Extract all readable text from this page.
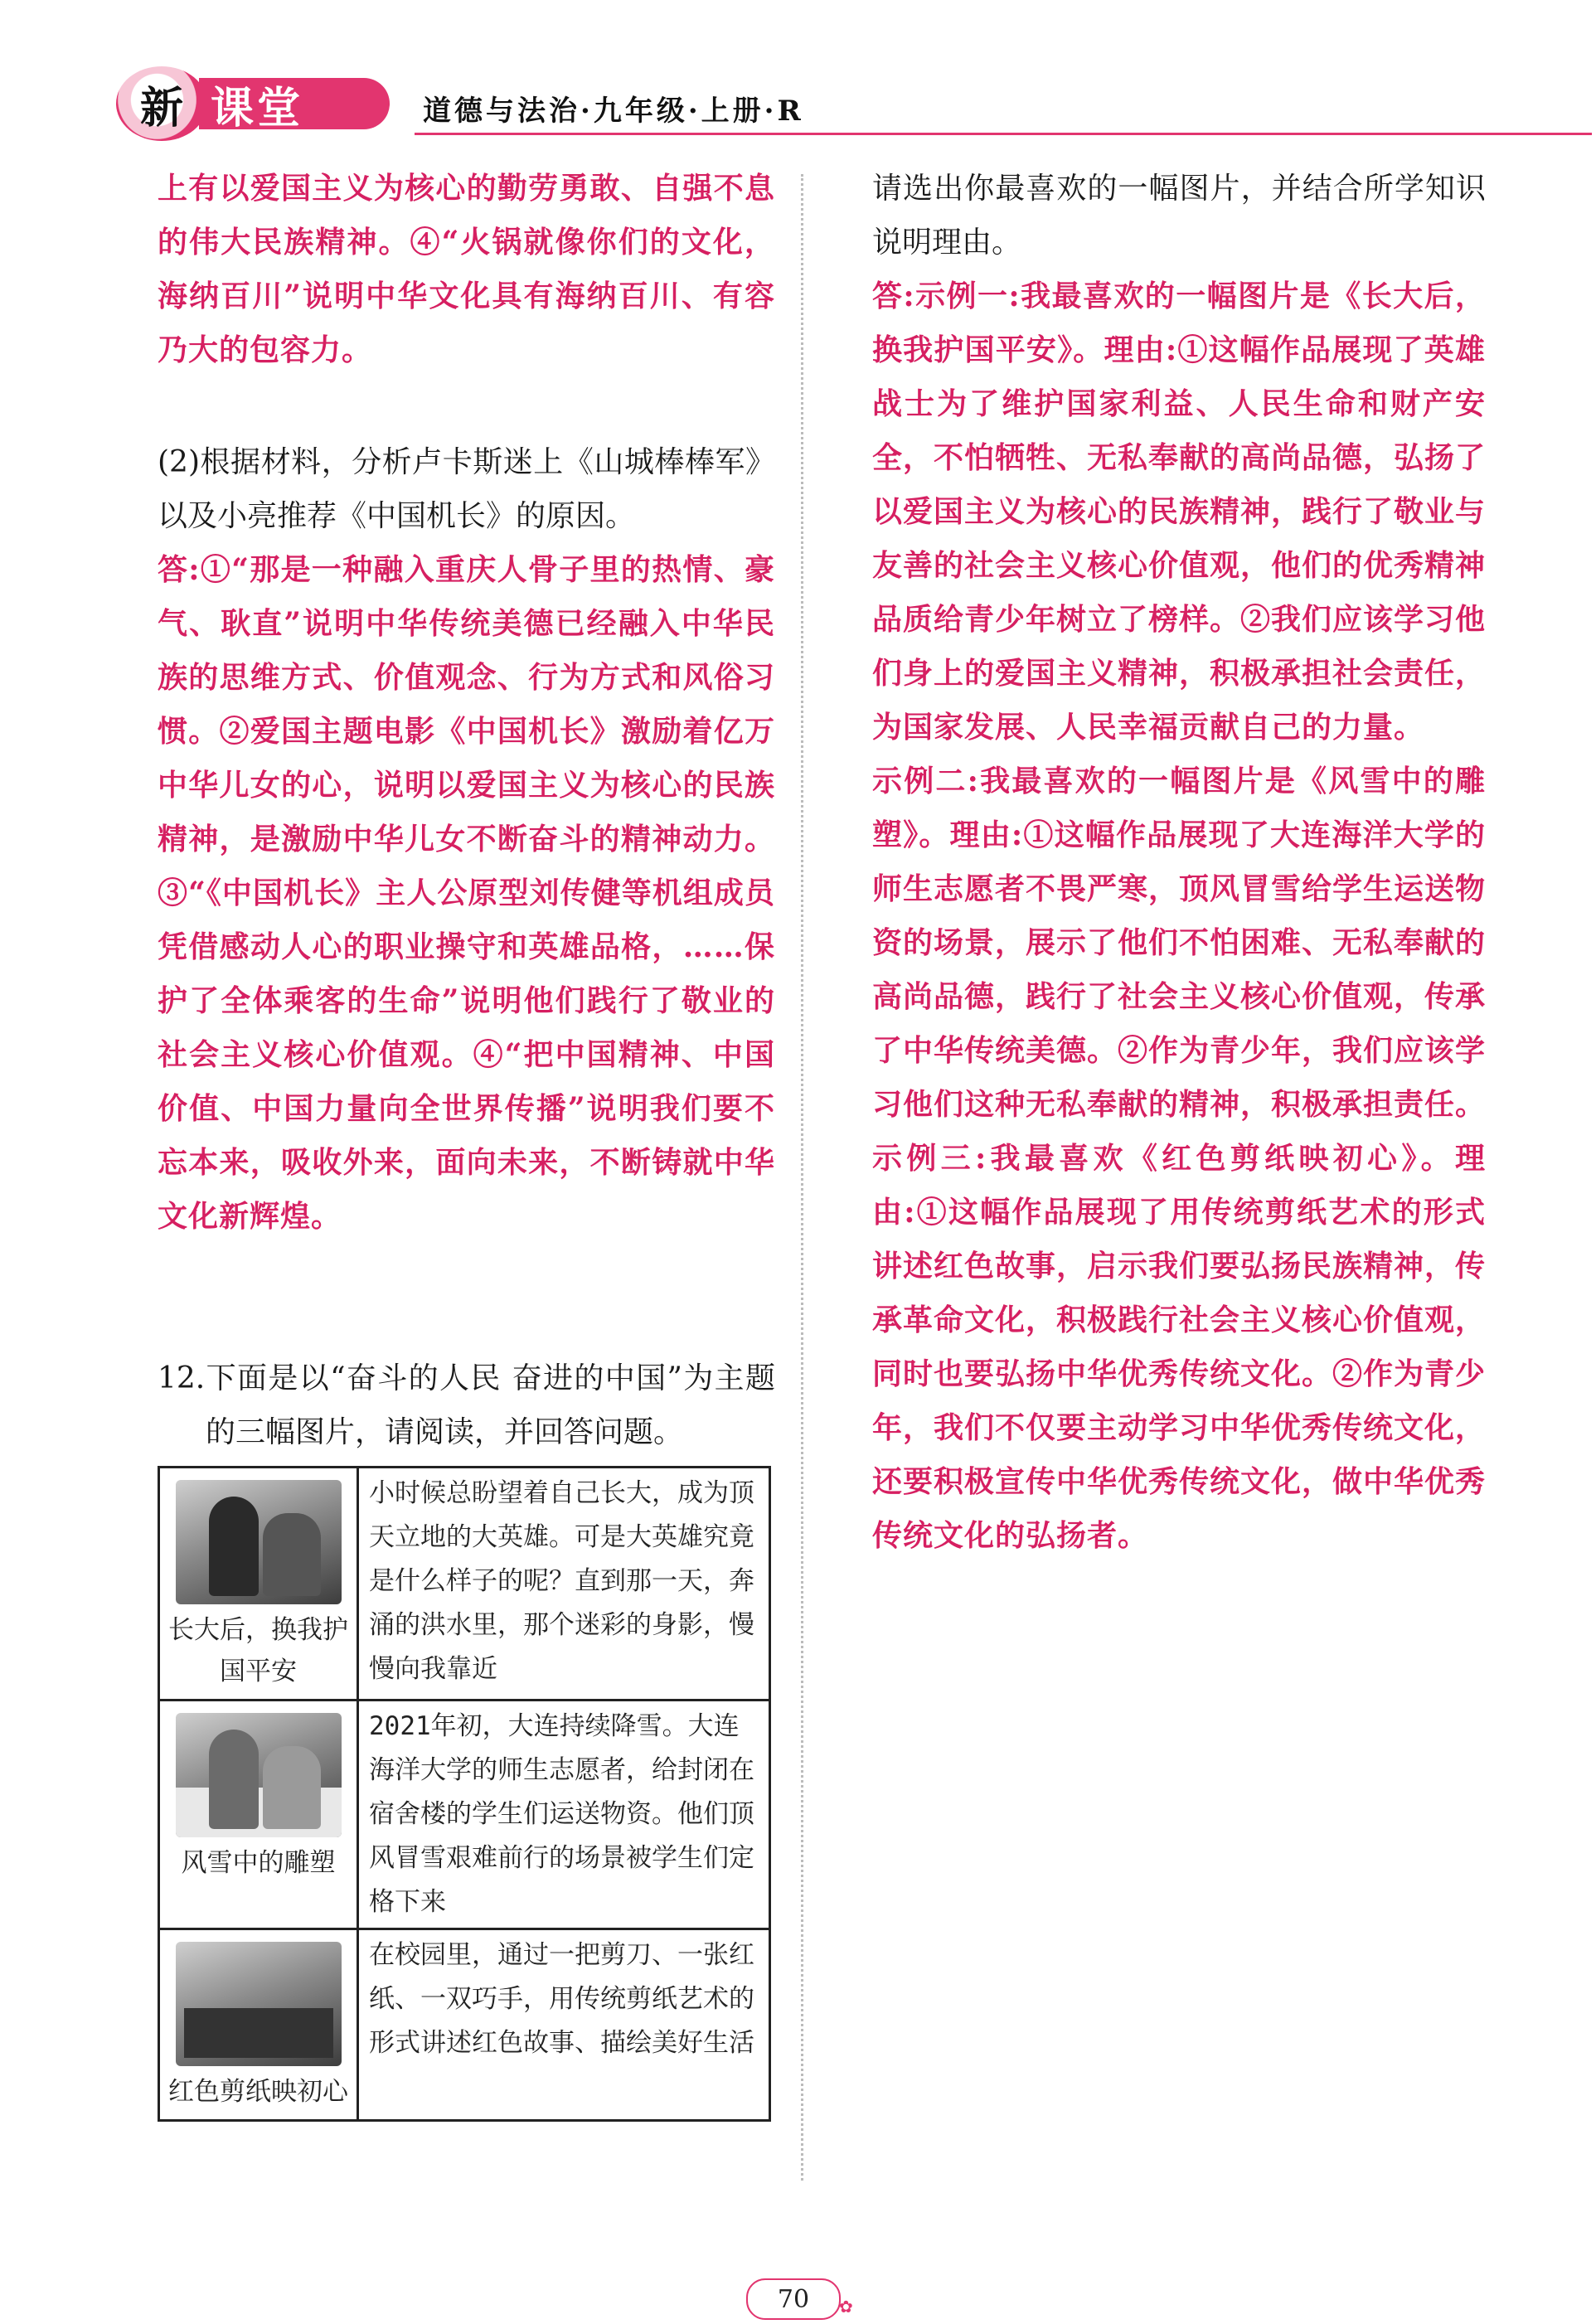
新 课堂	道德与法治·九年级·上册·R

上有以爱国主义为核心的勤劳勇敢、自强不息的伟大民族精神。④“火锅就像你们的文化，海纳百川”说明中华文化具有海纳百川、有容乃大的包容力。

(2)根据材料，分析卢卡斯迷上《山城棒棒军》以及小亮推荐《中国机长》的原因。

答:①“那是一种融入重庆人骨子里的热情、豪气、耿直”说明中华传统美德已经融入中华民族的思维方式、价值观念、行为方式和风俗习惯。②爱国主题电影《中国机长》激励着亿万中华儿女的心，说明以爱国主义为核心的民族精神，是激励中华儿女不断奋斗的精神动力。③“《中国机长》主人公原型刘传健等机组成员凭借感动人心的职业操守和英雄品格，……保护了全体乘客的生命”说明他们践行了敬业的社会主义核心价值观。④“把中国精神、中国价值、中国力量向全世界传播”说明我们要不忘本来，吸收外来，面向未来，不断铸就中华文化新辉煌。

12.下面是以“奋斗的人民 奋进的中国”为主题的三幅图片，请阅读，并回答问题。

长大后，换我护国平安	小时候总盼望着自己长大，成为顶天立地的大英雄。可是大英雄究竟是什么样子的呢？直到那一天，奔涌的洪水里，那个迷彩的身影，慢慢向我靠近

风雪中的雕塑	2021年初，大连持续降雪。大连海洋大学的师生志愿者，给封闭在宿舍楼的学生们运送物资。他们顶风冒雪艰难前行的场景被学生们定格下来

红色剪纸映初心	在校园里，通过一把剪刀、一张红纸、一双巧手，用传统剪纸艺术的形式讲述红色故事、描绘美好生活

请选出你最喜欢的一幅图片，并结合所学知识说明理由。

答:示例一:我最喜欢的一幅图片是《长大后，换我护国平安》。理由:①这幅作品展现了英雄战士为了维护国家利益、人民生命和财产安全，不怕牺牲、无私奉献的高尚品德，弘扬了以爱国主义为核心的民族精神，践行了敬业与友善的社会主义核心价值观，他们的优秀精神品质给青少年树立了榜样。②我们应该学习他们身上的爱国主义精神，积极承担社会责任，为国家发展、人民幸福贡献自己的力量。

示例二:我最喜欢的一幅图片是《风雪中的雕塑》。理由:①这幅作品展现了大连海洋大学的师生志愿者不畏严寒，顶风冒雪给学生运送物资的场景，展示了他们不怕困难、无私奉献的高尚品德，践行了社会主义核心价值观，传承了中华传统美德。②作为青少年，我们应该学习他们这种无私奉献的精神，积极承担责任。

示例三:我最喜欢《红色剪纸映初心》。理由:①这幅作品展现了用传统剪纸艺术的形式讲述红色故事，启示我们要弘扬民族精神，传承革命文化，积极践行社会主义核心价值观，同时也要弘扬中华优秀传统文化。②作为青少年，我们不仅要主动学习中华优秀传统文化，还要积极宣传中华优秀传统文化，做中华优秀传统文化的弘扬者。

70 ✿
